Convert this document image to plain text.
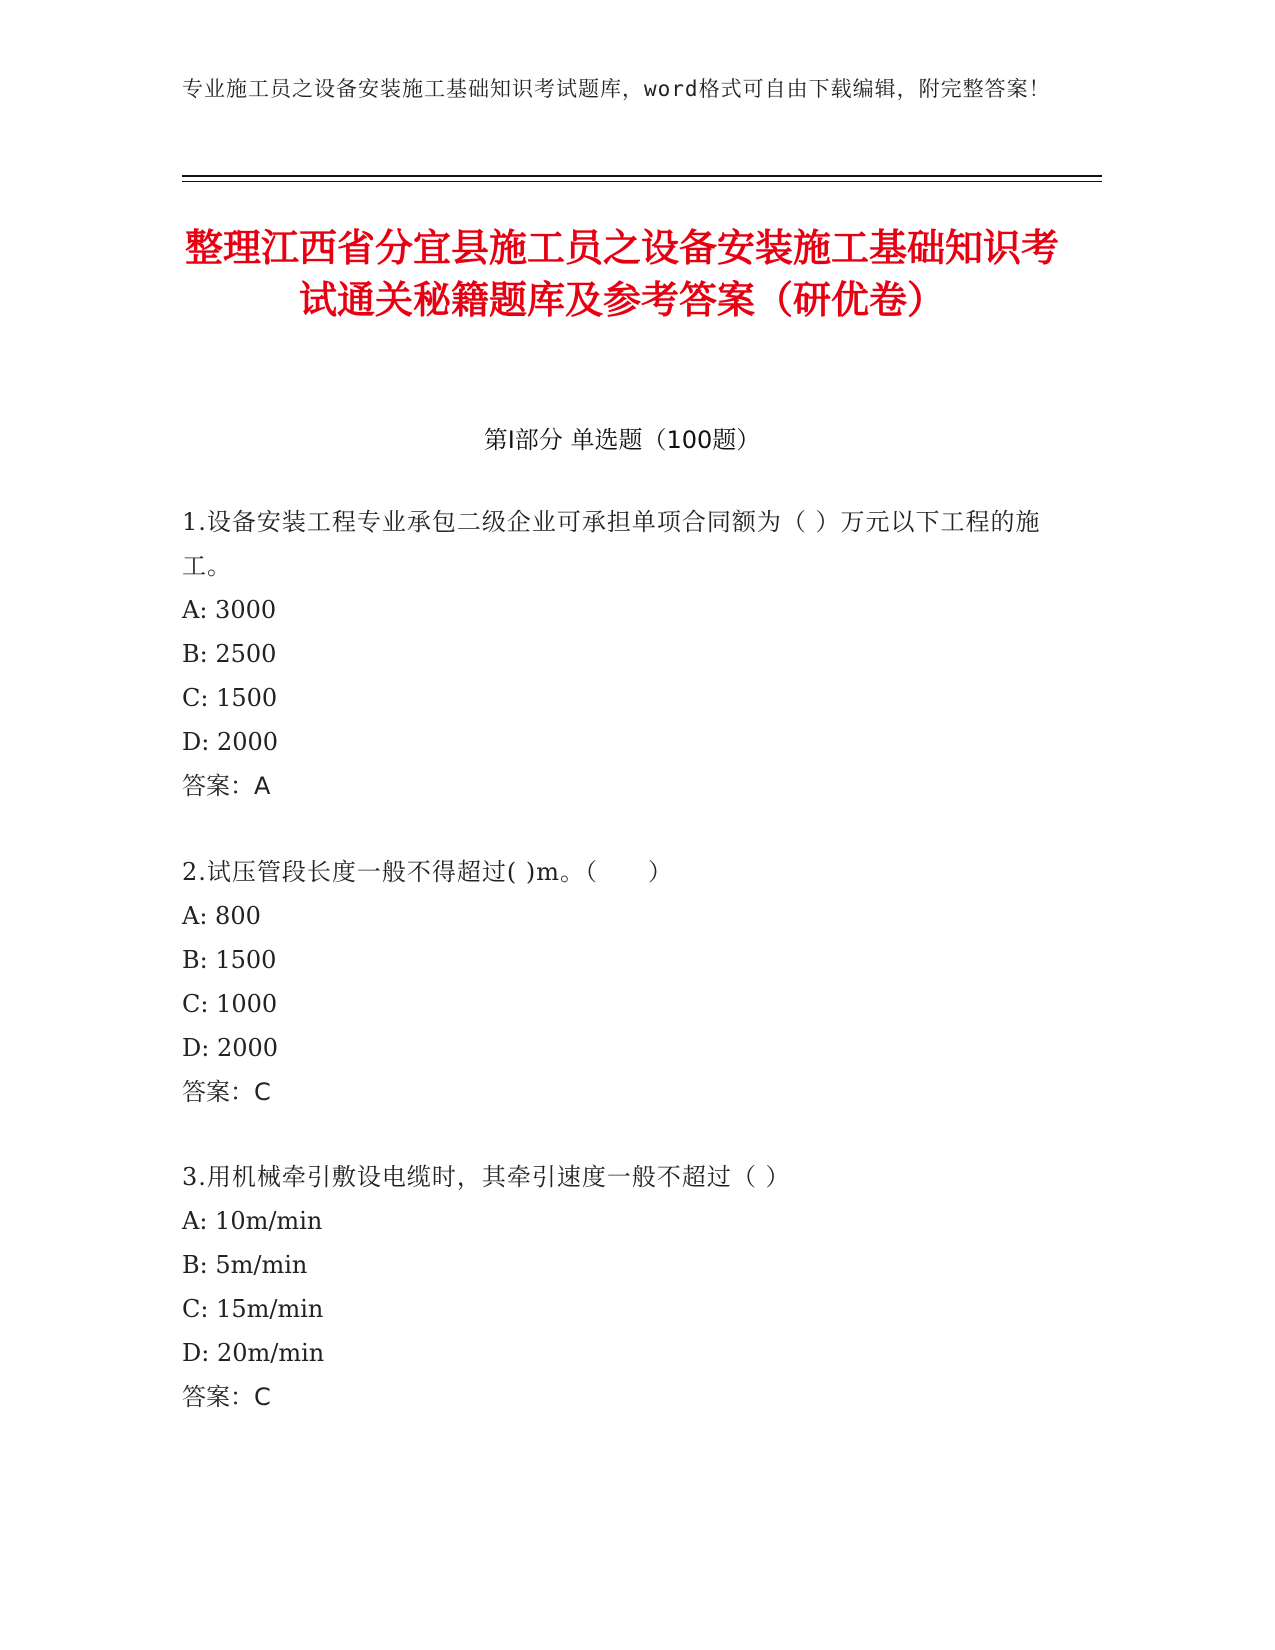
专业施工员之设备安装施工基础知识考试题库，word格式可自由下载编辑，附完整答案！
整理江西省分宜县施工员之设备安装施工基础知识考试通关秘籍题库及参考答案（研优卷）
第I部分 单选题（100题）
1.设备安装工程专业承包二级企业可承担单项合同额为（ ）万元以下工程的施工。
A: 3000
B: 2500
C: 1500
D: 2000
答案：A
2.试压管段长度一般不得超过( )m。（　　）
A: 800
B: 1500
C: 1000
D: 2000
答案：C
3.用机械牵引敷设电缆时，其牵引速度一般不超过（ ）
A: 10m/min
B: 5m/min
C: 15m/min
D: 20m/min
答案：C
